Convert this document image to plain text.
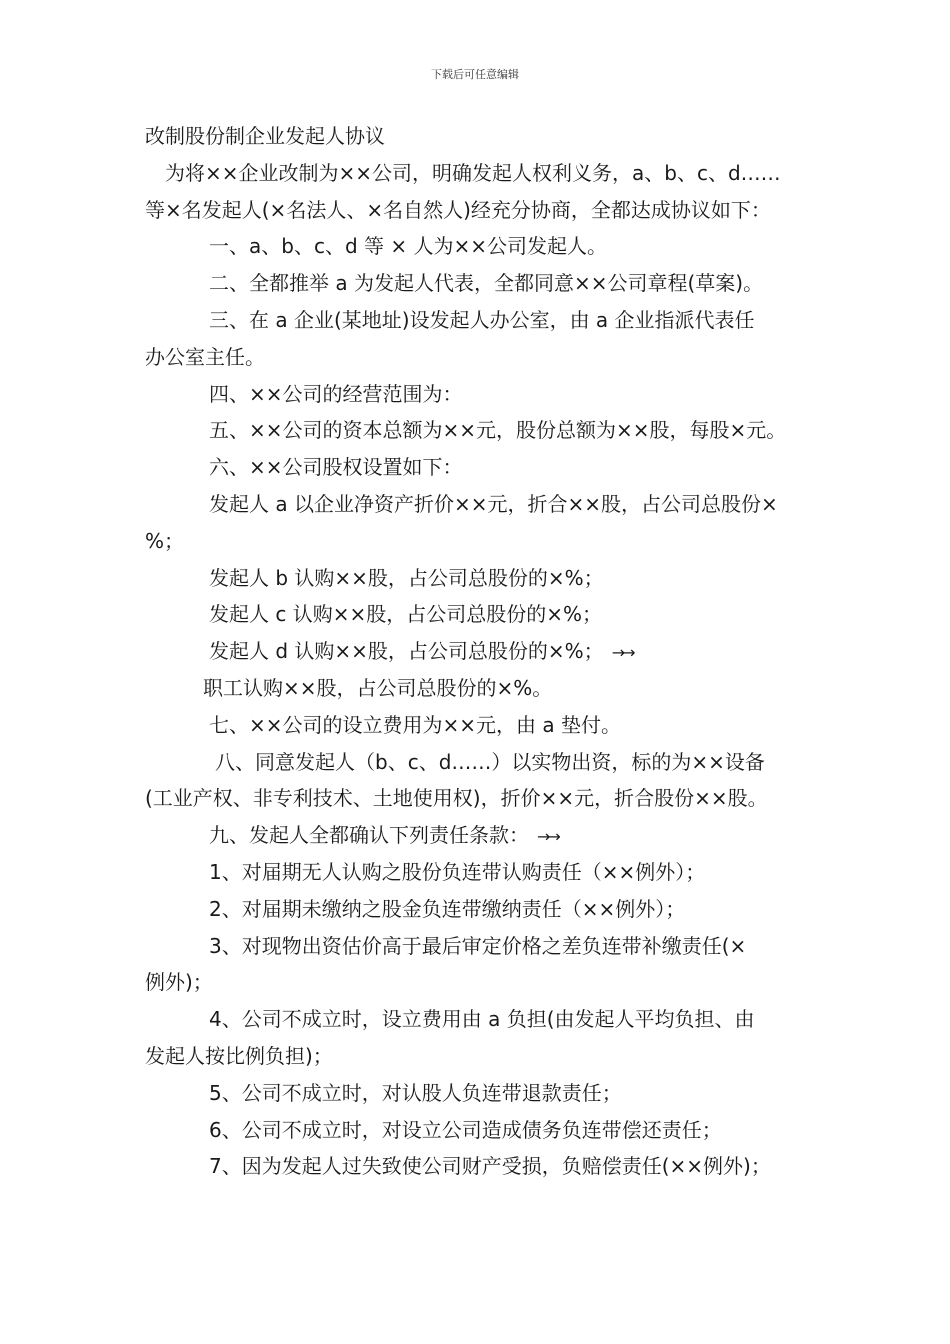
下载后可任意编辑
改制股份制企业发起人协议
为将××企业改制为××公司，明确发起人权利义务，a、b、c、d……
等×名发起人(×名法人、×名自然人)经充分协商，全都达成协议如下：
一、a、b、c、d 等 × 人为××公司发起人。
二、全都推举 a 为发起人代表，全都同意××公司章程(草案)。
三、在 a 企业(某地址)设发起人办公室，由 a 企业指派代表任
办公室主任。
四、××公司的经营范围为：
五、××公司的资本总额为××元，股份总额为××股，每股×元。
六、××公司股权设置如下：
发起人 a 以企业净资产折价××元，折合××股，占公司总股份×
%；
发起人 b 认购××股，占公司总股份的×%；
发起人 c 认购××股，占公司总股份的×%；
发起人 d 认购××股，占公司总股份的×%； →→
职工认购××股，占公司总股份的×%。
七、××公司的设立费用为××元，由 a 垫付。
八、同意发起人（b、c、d……）以实物出资，标的为××设备
(工业产权、非专利技术、土地使用权)，折价××元，折合股份××股。
九、发起人全都确认下列责任条款： →→
1、对届期无人认购之股份负连带认购责任（××例外）；
2、对届期未缴纳之股金负连带缴纳责任（××例外）；
3、对现物出资估价高于最后审定价格之差负连带补缴责任(×
例外)；
4、公司不成立时，设立费用由 a 负担(由发起人平均负担、由
发起人按比例负担)；
5、公司不成立时，对认股人负连带退款责任；
6、公司不成立时，对设立公司造成债务负连带偿还责任；
7、因为发起人过失致使公司财产受损，负赔偿责任(××例外)；
